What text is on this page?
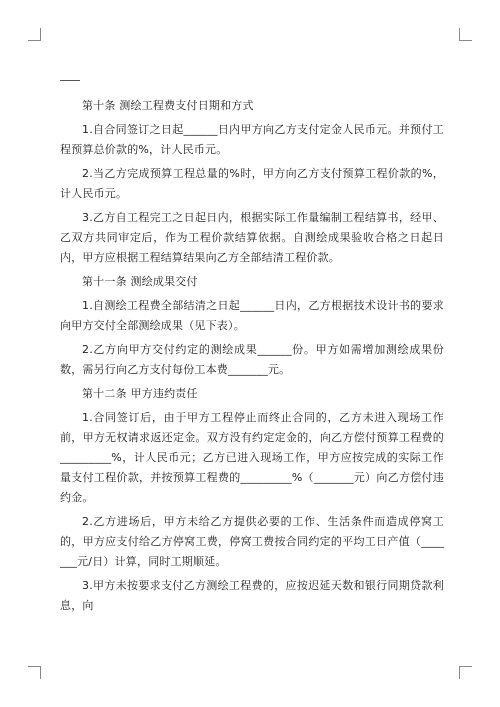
第十条 测绘工程费支付日期和方式

1.自合同签订之日起______日内甲方向乙方支付定金人民币元。并预付工程预算总价款的%，计人民币元。

2.当乙方完成预算工程总量的%时，甲方向乙方支付预算工程价款的%，计人民币元。

3.乙方自工程完工之日起日内，根据实际工作量编制工程结算书，经甲、乙双方共同审定后，作为工程价款结算依据。自测绘成果验收合格之日起日内，甲方应根据工程结算结果向乙方全部结清工程价款。

第十一条 测绘成果交付

1.自测绘工程费全部结清之日起______日内，乙方根据技术设计书的要求向甲方交付全部测绘成果（见下表）。

2.乙方向甲方交付约定的测绘成果______份。甲方如需增加测绘成果份数，需另行向乙方支付每份工本费_______元。

第十二条 甲方违约责任

1.合同签订后，由于甲方工程停止而终止合同的，乙方未进入现场工作前，甲方无权请求返还定金。双方没有约定定金的，向乙方偿付预算工程费的_________%，计人民币元；乙方已进入现场工作，甲方应按完成的实际工作量支付工程价款，并按预算工程费的_________%（_______元）向乙方偿付违约金。

2.乙方进场后，甲方未给乙方提供必要的工作、生活条件而造成停窝工的，甲方应支付给乙方停窝工费，停窝工费按合同约定的平均工日产值（_______元/日）计算，同时工期顺延。

3.甲方未按要求支付乙方测绘工程费的，应按迟延天数和银行同期贷款利息，向
